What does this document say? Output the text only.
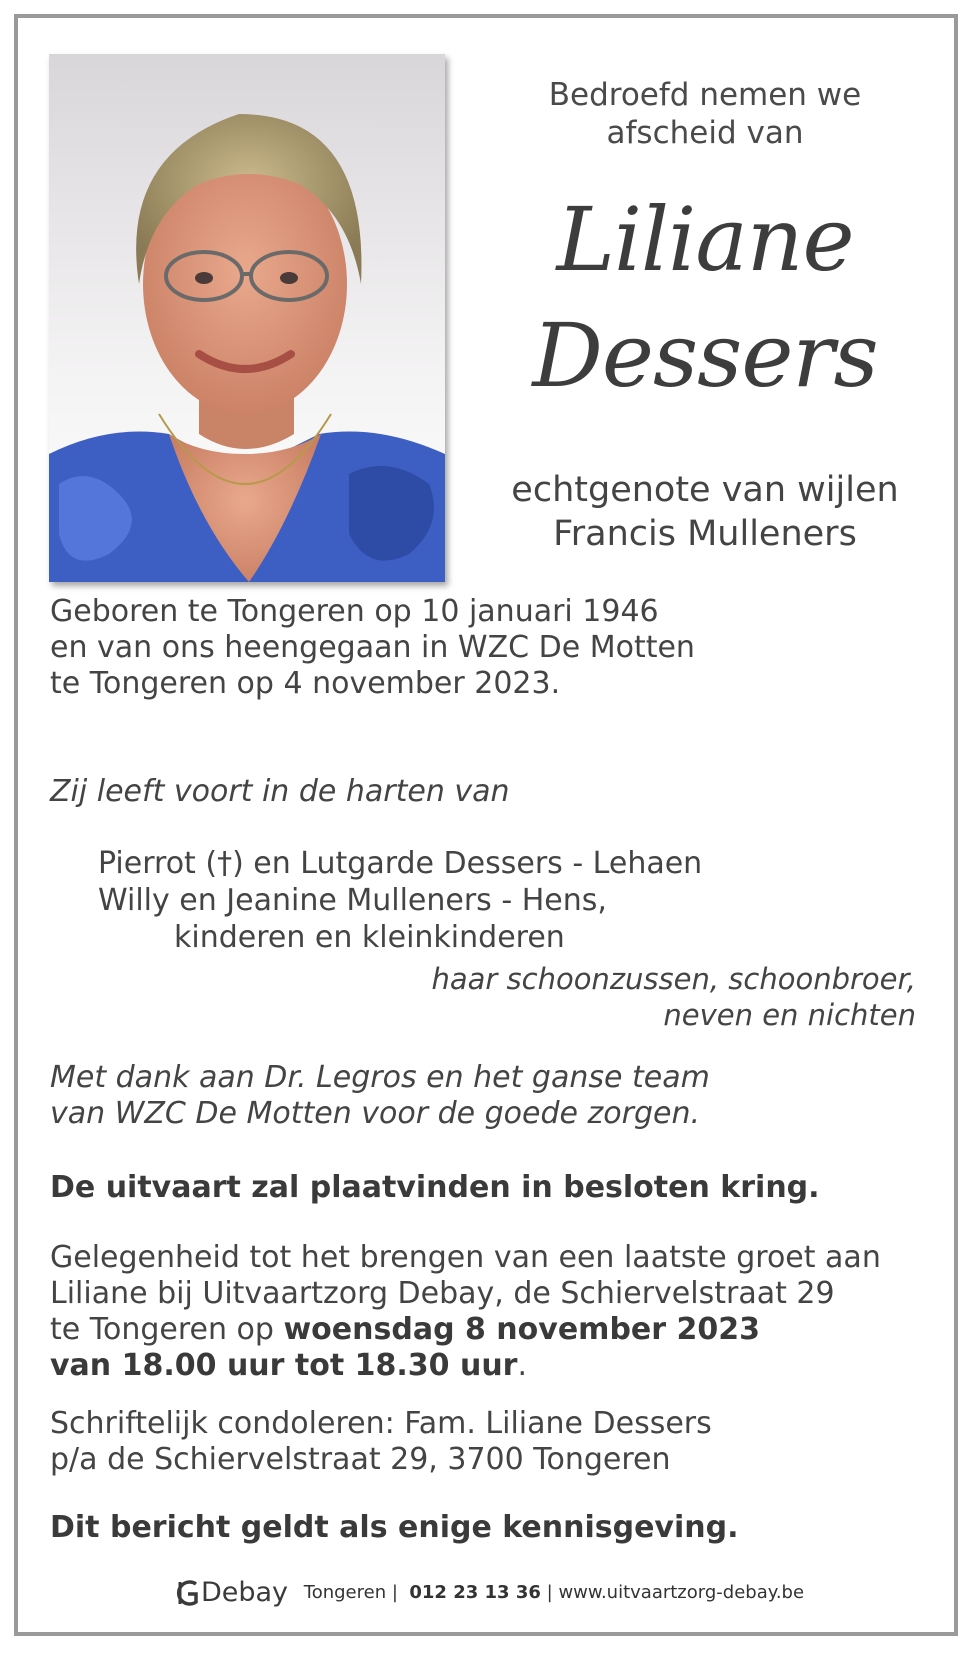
Bedroefd nemen we
afscheid van
Liliane
Dessers

echtgenote van wijlen
Francis Mulleners

Geboren te Tongeren op 10 januari 1946
en van ons heengegaan in WZC De Motten
te Tongeren op 4 november 2023.

Zij leeft voort in de harten van

Pierrot (†) en Lutgarde Dessers - Lehaen

Willy en Jeanine Mulleners - Hens,

kinderen en kleinkinderen

haar schoonzussen, schoonbroer,

neven en nichten

Met dank aan Dr. Legros en het ganse team
van WZC De Motten voor de goede zorgen.

De uitvaart zal plaatvinden in besloten kring.

Gelegenheid tot het brengen van een laatste groet aan
Liliane bij Uitvaartzorg Debay, de Schiervelstraat 29
te Tongeren op woensdag 8 november 2023
van 18.00 uur tot 18.30 uur.

Schriftelijk condoleren: Fam. Liliane Dessers
p/a de Schiervelstraat 29, 3700 Tongeren

Dit bericht geldt als enige kennisgeving.

Debay Tongeren | 012 23 13 36 | www.uitvaartzorg-debay.be
